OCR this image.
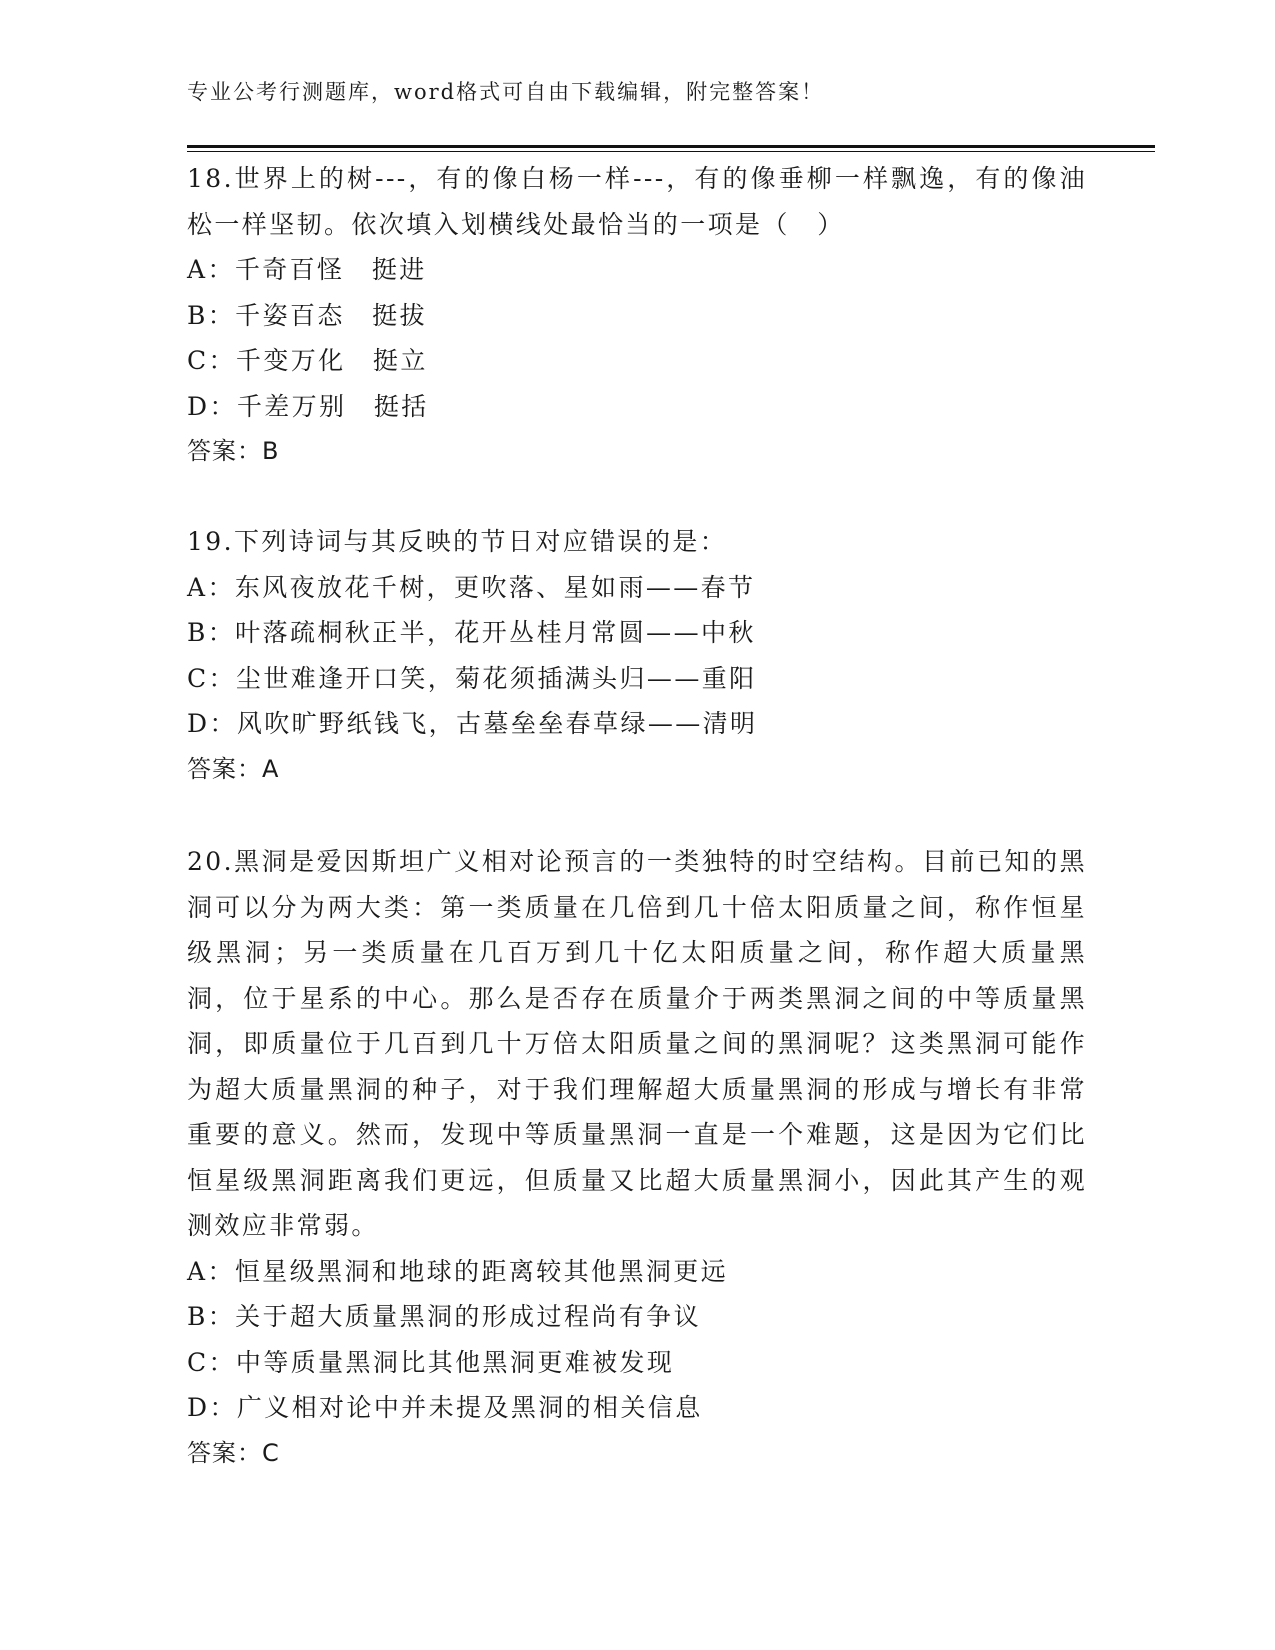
专业公考行测题库，word格式可自由下载编辑，附完整答案！

18.世界上的树---，有的像白杨一样---，有的像垂柳一样飘逸，有的像油松一样坚韧。依次填入划横线处最恰当的一项是（　）

A：千奇百怪　挺进

B：千姿百态　挺拔

C：千变万化　挺立

D：千差万别　挺括

答案：B

19.下列诗词与其反映的节日对应错误的是：

A：东风夜放花千树，更吹落、星如雨——春节

B：叶落疏桐秋正半，花开丛桂月常圆——中秋

C：尘世难逢开口笑，菊花须插满头归——重阳

D：风吹旷野纸钱飞，古墓垒垒春草绿——清明

答案：A

20.黑洞是爱因斯坦广义相对论预言的一类独特的时空结构。目前已知的黑洞可以分为两大类：第一类质量在几倍到几十倍太阳质量之间，称作恒星级黑洞；另一类质量在几百万到几十亿太阳质量之间，称作超大质量黑洞，位于星系的中心。那么是否存在质量介于两类黑洞之间的中等质量黑洞，即质量位于几百到几十万倍太阳质量之间的黑洞呢？这类黑洞可能作为超大质量黑洞的种子，对于我们理解超大质量黑洞的形成与增长有非常重要的意义。然而，发现中等质量黑洞一直是一个难题，这是因为它们比恒星级黑洞距离我们更远，但质量又比超大质量黑洞小，因此其产生的观测效应非常弱。

A：恒星级黑洞和地球的距离较其他黑洞更远

B：关于超大质量黑洞的形成过程尚有争议

C：中等质量黑洞比其他黑洞更难被发现

D：广义相对论中并未提及黑洞的相关信息

答案：C
